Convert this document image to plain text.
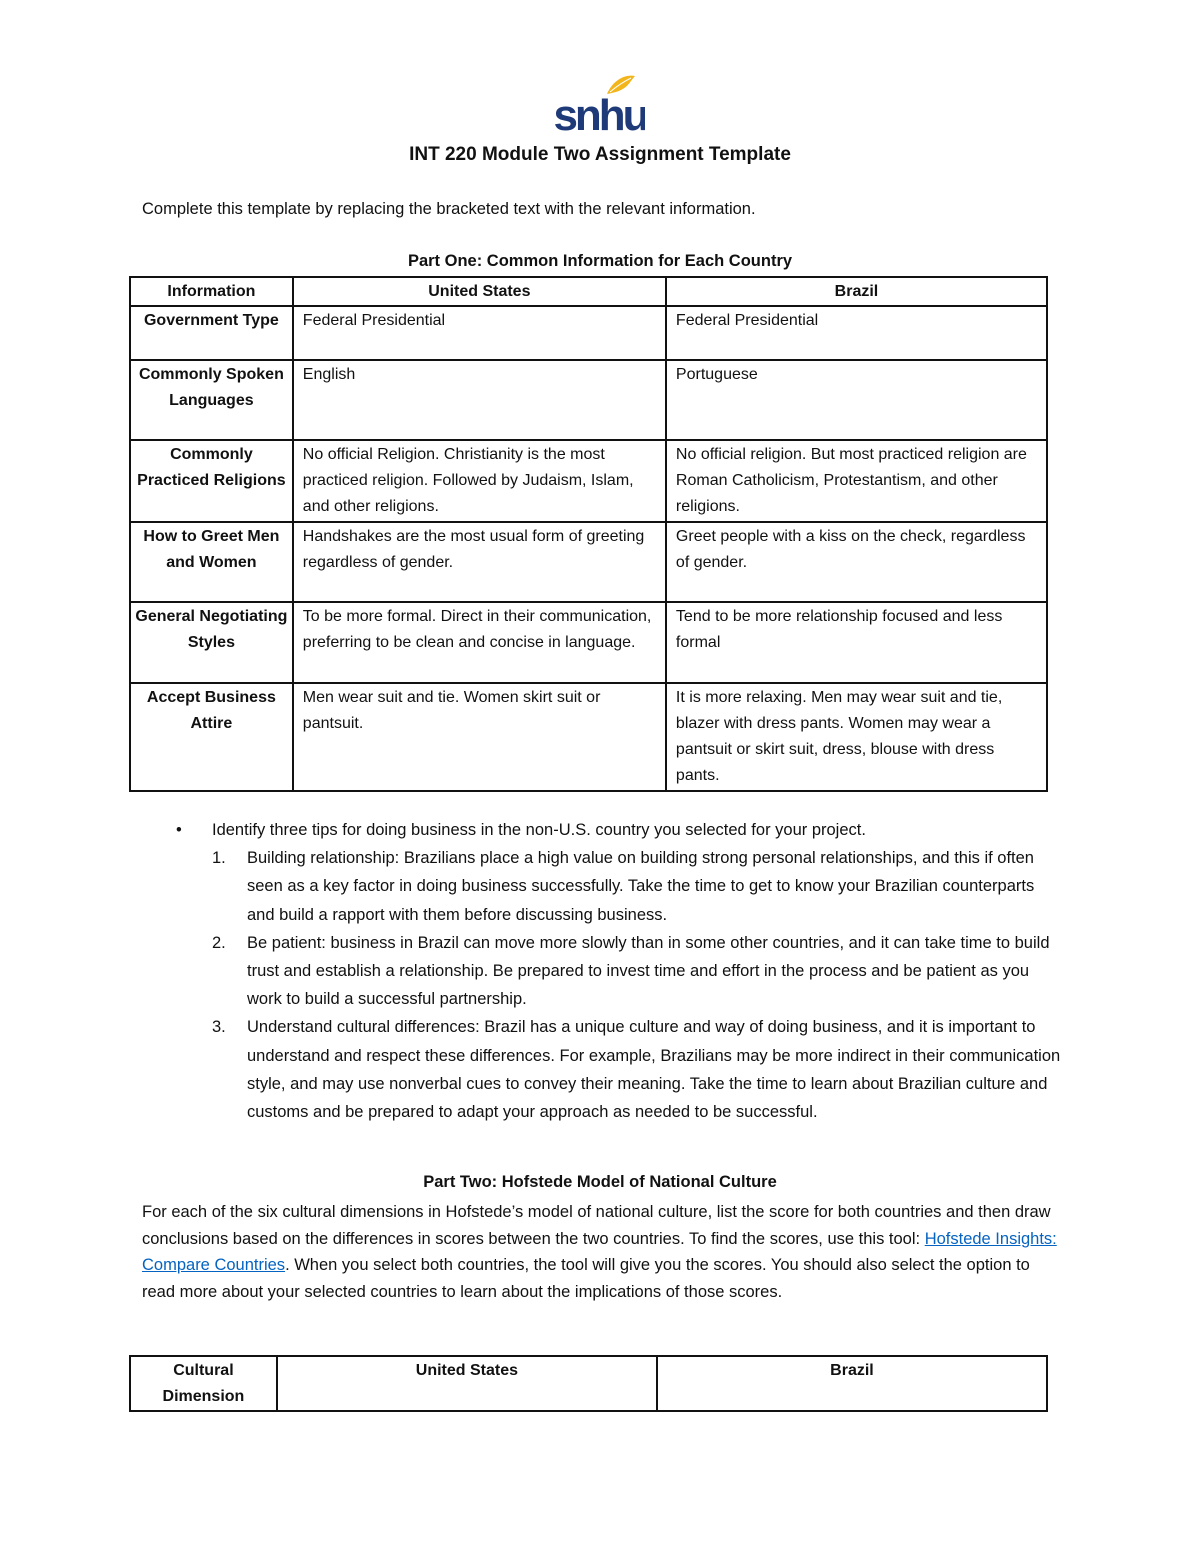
snhu
INT 220 Module Two Assignment Template
Complete this template by replacing the bracketed text with the relevant information.
Part One: Common Information for Each Country
Information	United States	Brazil
Government Type	Federal Presidential	Federal Presidential
Commonly Spoken Languages	English	Portuguese
Commonly Practiced Religions	No official Religion. Christianity is the most practiced religion. Followed by Judaism, Islam, and other religions.	No official religion. But most practiced religion are Roman Catholicism, Protestantism, and other religions.
How to Greet Men and Women	Handshakes are the most usual form of greeting regardless of gender.	Greet people with a kiss on the check, regardless of gender.
General Negotiating Styles	To be more formal. Direct in their communication, preferring to be clean and concise in language.	Tend to be more relationship focused and less formal
Accept Business Attire	Men wear suit and tie. Women skirt suit or pantsuit.	It is more relaxing. Men may wear suit and tie, blazer with dress pants. Women may wear a pantsuit or skirt suit, dress, blouse with dress pants.
• Identify three tips for doing business in the non-U.S. country you selected for your project.
1. Building relationship: Brazilians place a high value on building strong personal relationships, and this if often seen as a key factor in doing business successfully. Take the time to get to know your Brazilian counterparts and build a rapport with them before discussing business.
2. Be patient: business in Brazil can move more slowly than in some other countries, and it can take time to build trust and establish a relationship. Be prepared to invest time and effort in the process and be patient as you work to build a successful partnership.
3. Understand cultural differences: Brazil has a unique culture and way of doing business, and it is important to understand and respect these differences. For example, Brazilians may be more indirect in their communication style, and may use nonverbal cues to convey their meaning. Take the time to learn about Brazilian culture and customs and be prepared to adapt your approach as needed to be successful.
Part Two: Hofstede Model of National Culture
For each of the six cultural dimensions in Hofstede’s model of national culture, list the score for both countries and then draw conclusions based on the differences in scores between the two countries. To find the scores, use this tool: Hofstede Insights: Compare Countries. When you select both countries, the tool will give you the scores. You should also select the option to read more about your selected countries to learn about the implications of those scores.
Cultural Dimension	United States	Brazil
